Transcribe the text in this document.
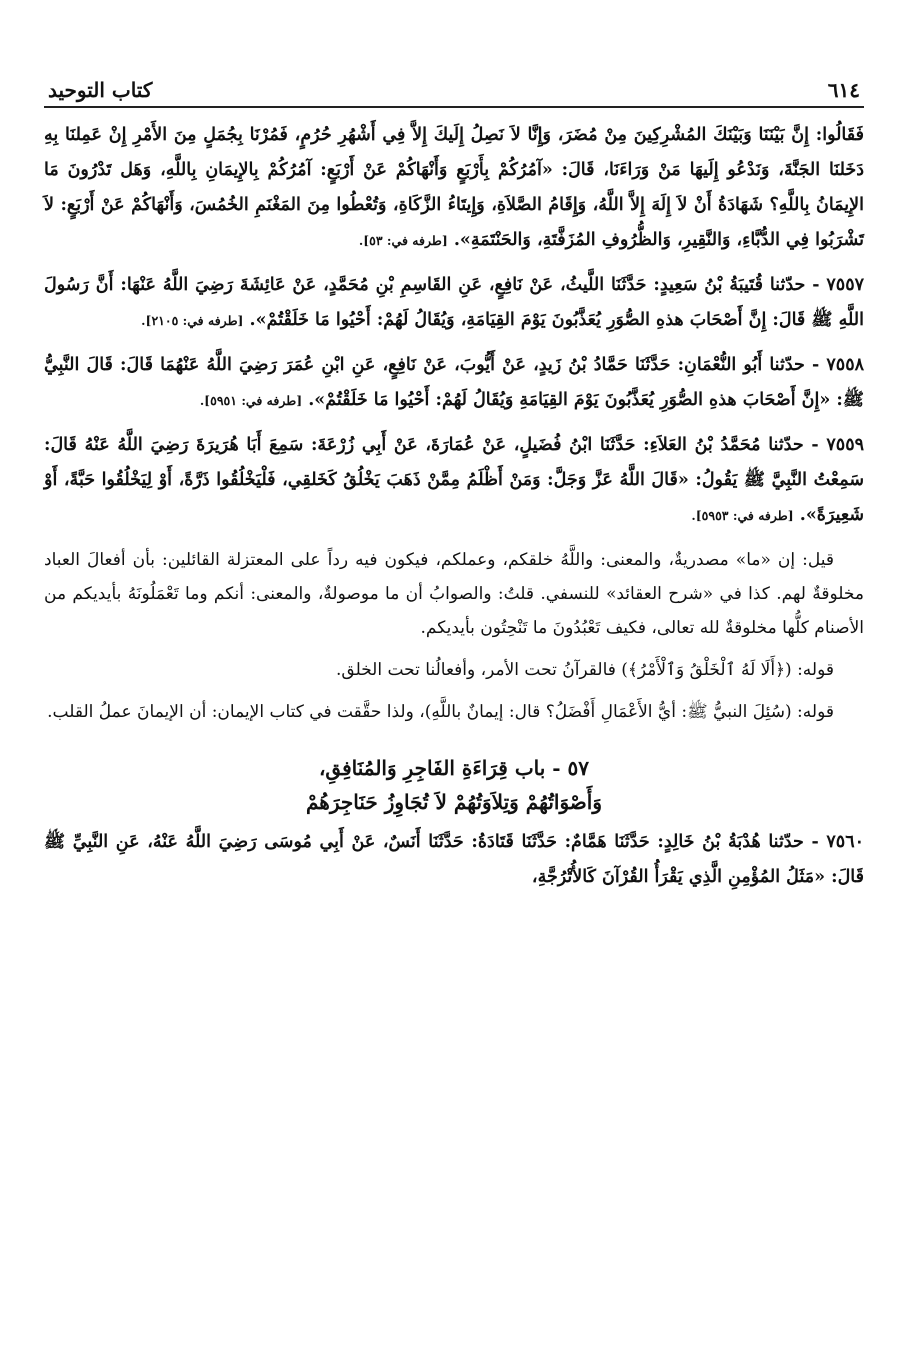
كتاب التوحيد	٦١٤

فَقَالُوا: إِنَّ بَيْنَنَا وَبَيْنَكَ المُشْرِكِينَ مِنْ مُضَرَ، وَإِنَّا لاَ نَصِلُ إِلَيكَ إِلاَّ فِي أَشْهُرِ حُرُمٍ، فَمُرْنَا بِجُمَلٍ مِنَ الأَمْرِ إِنْ عَمِلنَا بِهِ دَخَلنَا الجَنَّةَ، وَنَدْعُو إِلَيهَا مَنْ وَرَاءَنَا، قَالَ: «آمُرُكُمْ بِأَرْبَعٍ وَأَنْهَاكُمْ عَنْ أَرْبَعٍ: آمُرُكُمْ بِالإِيمَانِ بِاللَّهِ، وَهَل تَدْرُونَ مَا الإِيمَانُ بِاللَّهِ؟ شَهَادَةُ أَنْ لاَ إِلَهَ إِلاَّ اللَّهُ، وَإِقَامُ الصَّلاَةِ، وَإِيتَاءُ الزَّكَاةِ، وَتُعْطُوا مِنَ المَغْنَمِ الخُمُسَ، وَأَنْهَاكُمْ عَنْ أَرْبَعٍ: لاَ تَشْرَبُوا فِي الدُّبَّاءِ، وَالنَّقِيرِ، وَالظُّرُوفِ المُزَفَّتَةِ، وَالحَنْتَمَةِ». [طرفه في: ٥٣].

٧٥٥٧ - حدّثنا قُتَيبَةُ بْنُ سَعِيدٍ: حَدَّثَنَا اللَّيثُ، عَنْ نَافِعٍ، عَنِ القَاسِمِ بْنِ مُحَمَّدٍ، عَنْ عَائِشَةَ رَضِيَ اللَّهُ عَنْهَا: أَنَّ رَسُولَ اللَّهِ ﷺ قَالَ: إِنَّ أَصْحَابَ هذهِ الصُّوَرِ يُعَذَّبُونَ يَوْمَ القِيَامَةِ، وَيُقَالُ لَهُمْ: أَحْيُوا مَا خَلَقْتُمْ». [طرفه في: ٢١٠٥].

٧٥٥٨ - حدّثنا أَبُو النُّعْمَانِ: حَدَّثَنَا حَمَّادُ بْنُ زَيدٍ، عَنْ أَيُّوبَ، عَنْ نَافِعٍ، عَنِ ابْنِ عُمَرَ رَضِيَ اللَّهُ عَنْهُمَا قَالَ: قَالَ النَّبِيُّ ﷺ: «إِنَّ أَصْحَابَ هذهِ الصُّوَرِ يُعَذَّبُونَ يَوْمَ القِيَامَةِ وَيُقَالُ لَهُمْ: أَحْيُوا مَا خَلَقْتُمْ». [طرفه في: ٥٩٥١].

٧٥٥٩ - حدّثنا مُحَمَّدُ بْنُ العَلاَءِ: حَدَّثَنَا ابْنُ فُضَيلٍ، عَنْ عُمَارَةَ، عَنْ أَبِي زُرْعَةَ: سَمِعَ أَبَا هُرَيرَةَ رَضِيَ اللَّهُ عَنْهُ قَالَ: سَمِعْتُ النَّبِيَّ ﷺ يَقُولُ: «قَالَ اللَّهُ عَزَّ وَجَلَّ: وَمَنْ أَظْلَمُ مِمَّنْ ذَهَبَ يَخْلُقُ كَخَلقِي، فَلْيَخْلُقُوا ذَرَّةً، أَوْ لِيَخْلُقُوا حَبَّةً، أَوْ شَعِيرَةً». [طرفه في: ٥٩٥٣].

قيل: إن «ما» مصدريةٌ، والمعنى: واللَّهُ خلقكم، وعملكم، فيكون فيه رداً على المعتزلة القائلين: بأن أفعالَ العباد مخلوقةٌ لهم. كذا في «شرح العقائد» للنسفي. قلتُ: والصوابُ أن ما موصولةٌ، والمعنى: أنكم وما تَعْمَلُونَهُ بأيديكم من الأصنام كلُّها مخلوقةٌ لله تعالى، فكيف تَعْبُدُونَ ما تَنْحِتُون بأيديكم.

قوله: (﴿أَلَا لَهُ ٱلْخَلْقُ وَٱلْأَمْرُ﴾) فالقرآنُ تحت الأمر، وأفعالُنا تحت الخلق.

قوله: (سُئِلَ النبيُّ ﷺ: أيُّ الأَعْمَالِ أَفْضَلُ؟ قال: إيمانٌ باللَّهِ)، ولذا حقَّقت في كتاب الإيمان: أن الإيمانَ عملُ القلب.

٥٧ - باب قِرَاءَةِ الفَاجِرِ وَالمُنَافِقِ،
وَأَصْوَاتُهُمْ وَتِلاَوَتُهُمْ لاَ تُجَاوِزُ حَنَاجِرَهُمْ

٧٥٦٠ - حدّثنا هُدْبَةُ بْنُ خَالِدٍ: حَدَّثَنَا هَمَّامٌ: حَدَّثَنَا قَتَادَةُ: حَدَّثَنَا أَنَسٌ، عَنْ أَبِي مُوسَى رَضِيَ اللَّهُ عَنْهُ، عَنِ النَّبِيِّ ﷺ قَالَ: «مَثَلُ المُؤْمِنِ الَّذِي يَقْرَأُ القُرْآنَ كَالأُتْرُجَّةِ،
